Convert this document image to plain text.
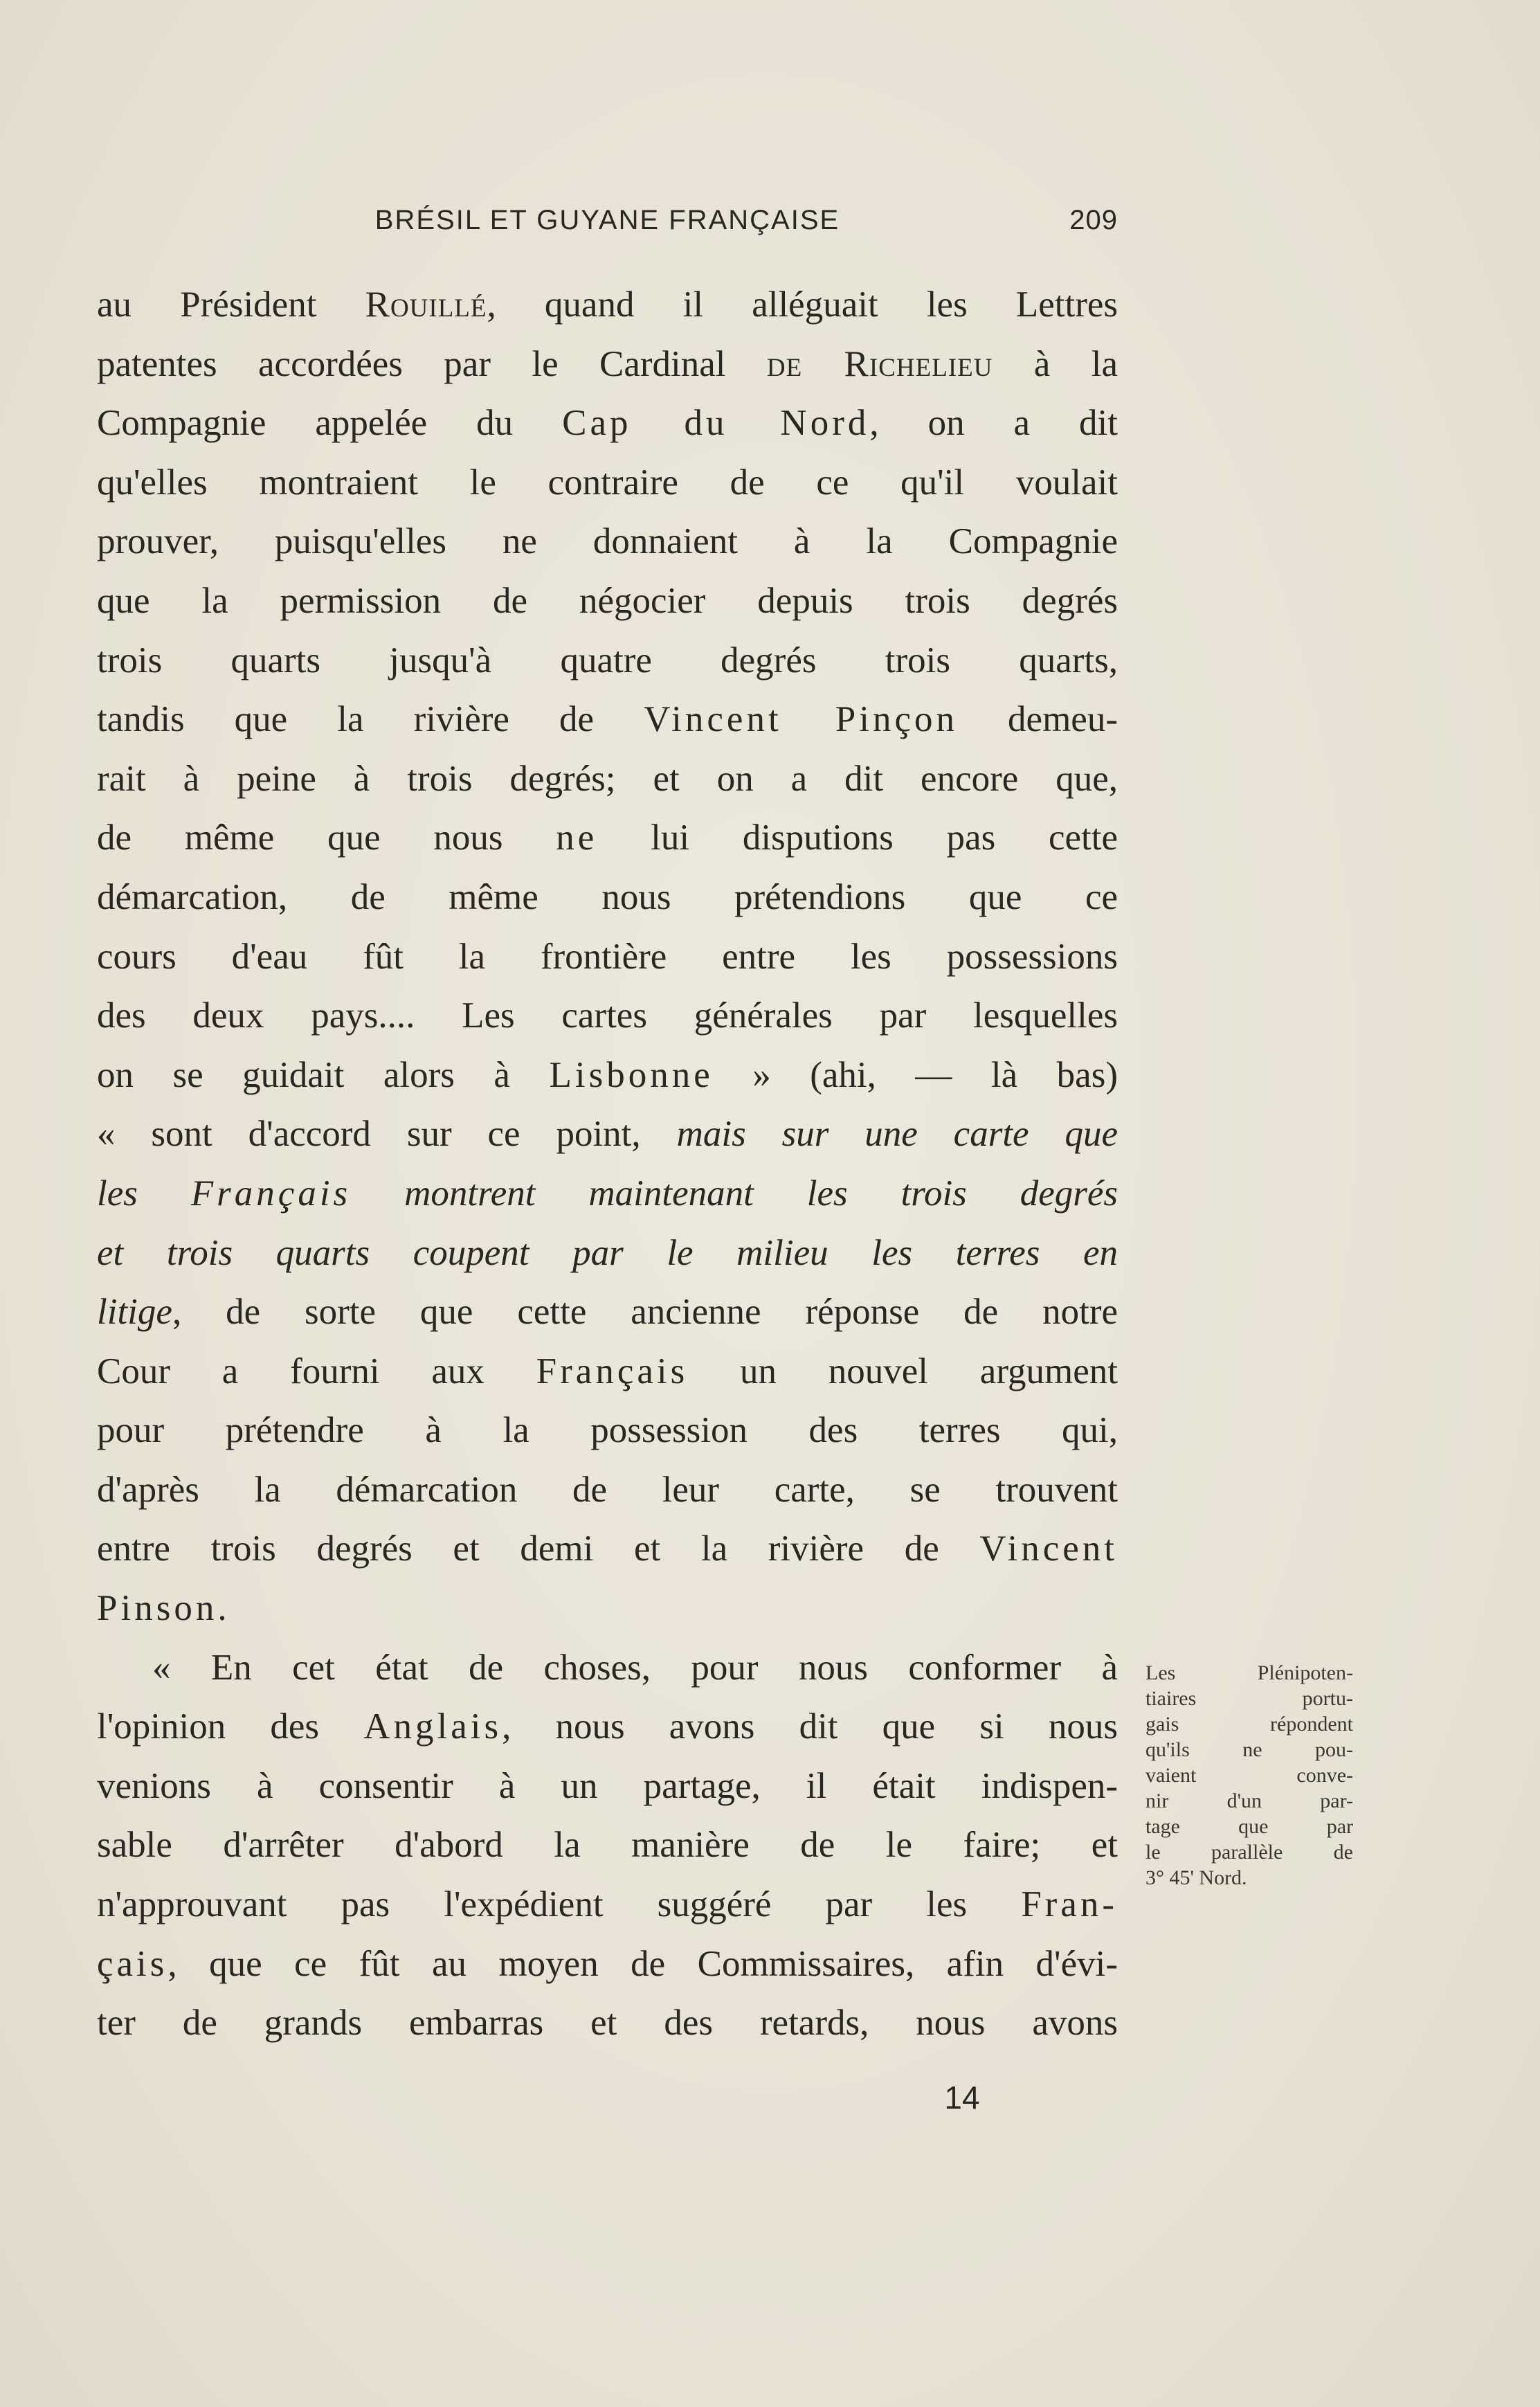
BRÉSIL ET GUYANE FRANÇAISE	209
au Président Rouillé, quand il alléguait les Lettres
patentes accordées par le Cardinal de Richelieu à la
Compagnie appelée du Cap du Nord, on a dit
qu'elles montraient le contraire de ce qu'il voulait
prouver, puisqu'elles ne donnaient à la Compagnie
que la permission de négocier depuis trois degrés
trois quarts jusqu'à quatre degrés trois quarts,
tandis que la rivière de Vincent Pinçon demeu-
rait à peine à trois degrés; et on a dit encore que,
de même que nous ne lui disputions pas cette
démarcation, de même nous prétendions que ce
cours d'eau fût la frontière entre les possessions
des deux pays.... Les cartes générales par lesquelles
on se guidait alors à Lisbonne » (ahi, — là bas)
« sont d'accord sur ce point, mais sur une carte que
les Français montrent maintenant les trois degrés
et trois quarts coupent par le milieu les terres en
litige, de sorte que cette ancienne réponse de notre
Cour a fourni aux Français un nouvel argument
pour prétendre à la possession des terres qui,
d'après la démarcation de leur carte, se trouvent
entre trois degrés et demi et la rivière de Vincent
Pinson.
« En cet état de choses, pour nous conformer à
l'opinion des Anglais, nous avons dit que si nous
venions à consentir à un partage, il était indispen-
sable d'arrêter d'abord la manière de le faire; et
n'approuvant pas l'expédient suggéré par les Fran-
çais, que ce fût au moyen de Commissaires, afin d'évi-
ter de grands embarras et des retards, nous avons
Les Plénipoten-
tiaires portu-
gais répondent
qu'ils ne pou-
vaient conve-
nir d'un par-
tage que par
le parallèle de
3° 45' Nord.
14
